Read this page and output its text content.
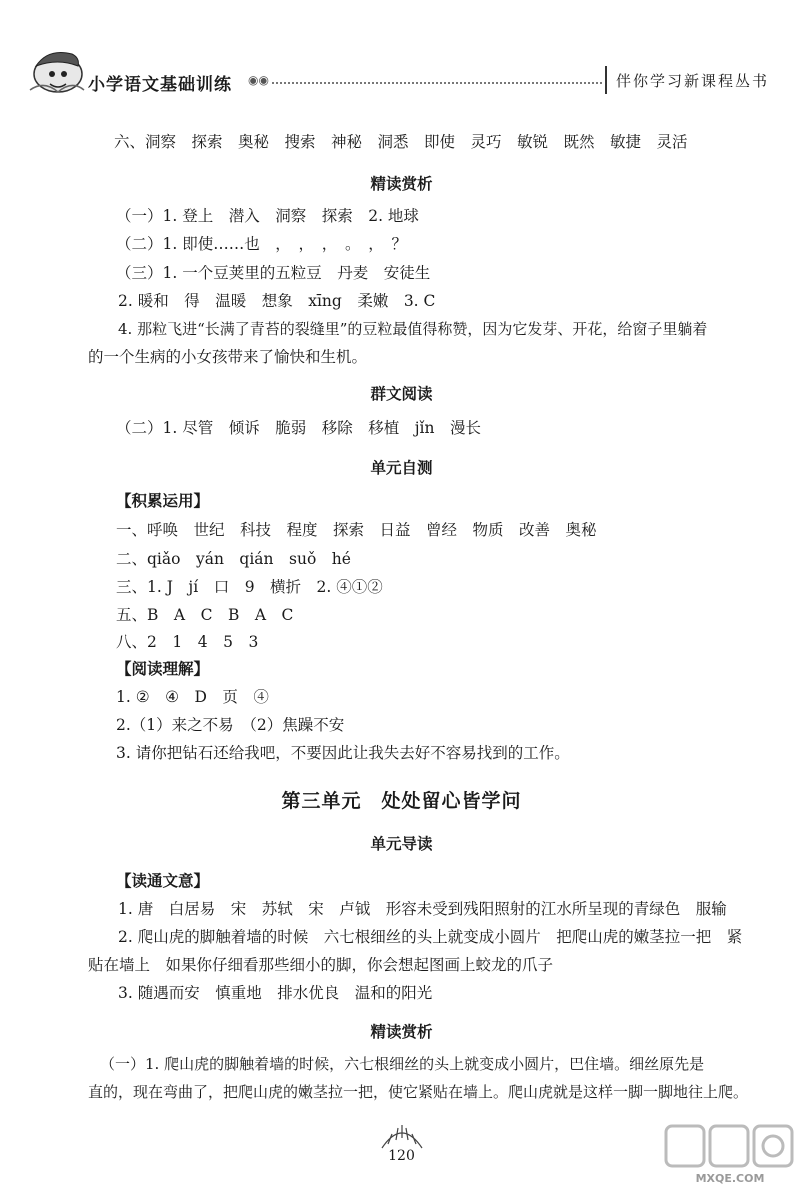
小学语文基础训练 ◉◉	伴你学习新课程丛书
六、洞察　探索　奥秘　搜索　神秘　洞悉　即使　灵巧　敏锐　既然　敏捷　灵活
精读赏析
（一）1. 登上　潜入　洞察　探索　2. 地球
（二）1. 即使……也　，　，　，　。　，　？
（三）1. 一个豆荚里的五粒豆　丹麦　安徒生
2. 暖和　得　温暖　想象　xīng　柔嫩　3. C
4. 那粒飞进“长满了青苔的裂缝里”的豆粒最值得称赞，因为它发芽、开花，给窗子里躺着
的一个生病的小女孩带来了愉快和生机。
群文阅读
（二）1. 尽管　倾诉　脆弱　移除　移植　jǐn　漫长
单元自测
【积累运用】
一、呼唤　世纪　科技　程度　探索　日益　曾经　物质　改善　奥秘
二、qiǎo　yán　qián　suǒ　hé
三、1. J　jí　口　9　横折　2. ④①②
五、B　A　C　B　A　C
八、2　1　4　5　3
【阅读理解】
1. ②　④　D　页　④
2.（1）来之不易　（2）焦躁不安
3. 请你把钻石还给我吧，不要因此让我失去好不容易找到的工作。
第三单元　处处留心皆学问
单元导读
【读通文意】
1. 唐　白居易　宋　苏轼　宋　卢钺　形容未受到残阳照射的江水所呈现的青绿色　服输
2. 爬山虎的脚触着墙的时候　六七根细丝的头上就变成小圆片　把爬山虎的嫩茎拉一把　紧
贴在墙上　如果你仔细看那些细小的脚，你会想起图画上蛟龙的爪子
3. 随遇而安　慎重地　排水优良　温和的阳光
精读赏析
（一）1. 爬山虎的脚触着墙的时候，六七根细丝的头上就变成小圆片，巴住墙。细丝原先是
直的，现在弯曲了，把爬山虎的嫩茎拉一把，使它紧贴在墙上。爬山虎就是这样一脚一脚地往上爬。
120
MXQE.COM
